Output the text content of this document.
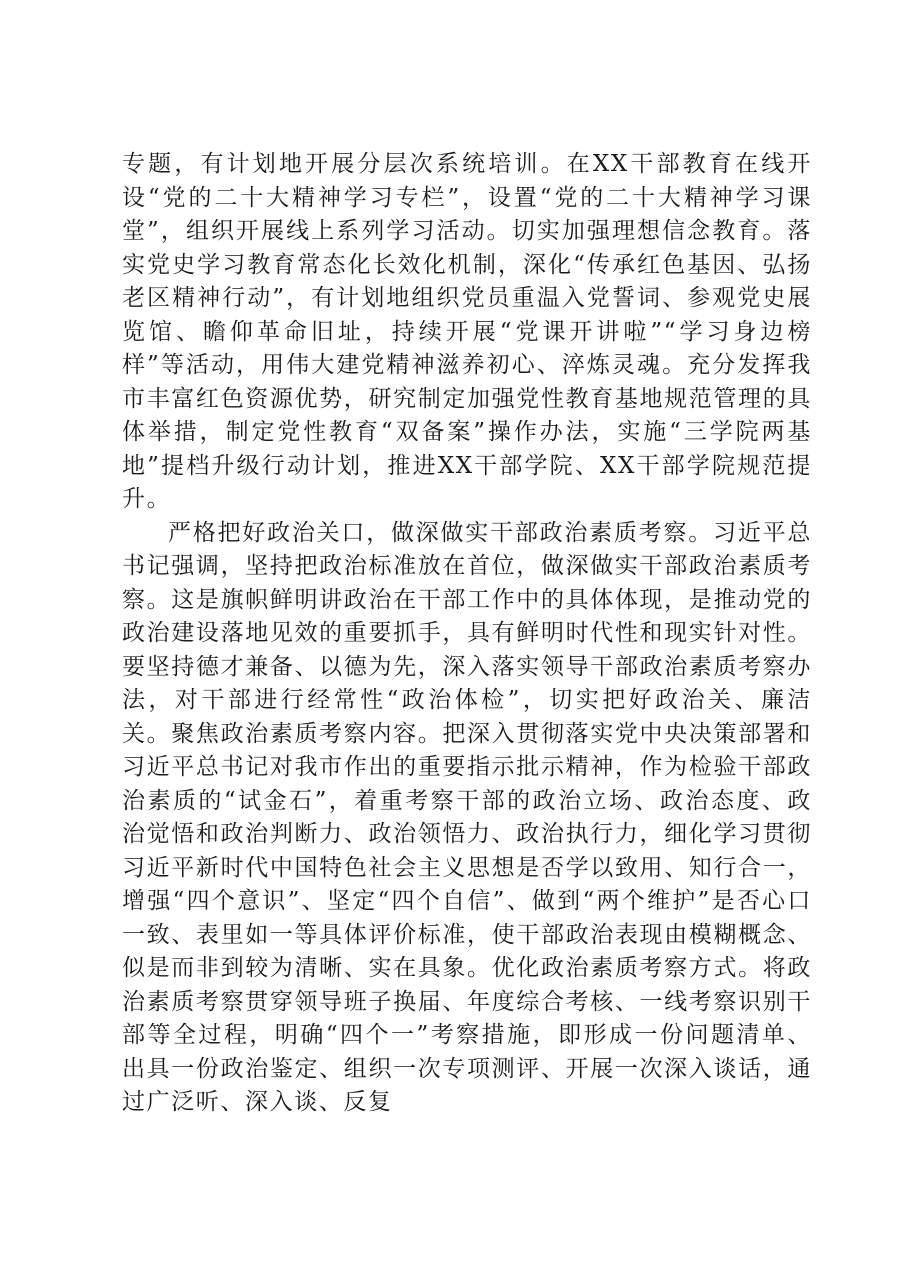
专题，有计划地开展分层次系统培训。在XX干部教育在线开设“党的二十大精神学习专栏”，设置“党的二十大精神学习课堂”，组织开展线上系列学习活动。切实加强理想信念教育。落实党史学习教育常态化长效化机制，深化“传承红色基因、弘扬老区精神行动”，有计划地组织党员重温入党誓词、参观党史展览馆、瞻仰革命旧址，持续开展“党课开讲啦”“学习身边榜样”等活动，用伟大建党精神滋养初心、淬炼灵魂。充分发挥我市丰富红色资源优势，研究制定加强党性教育基地规范管理的具体举措，制定党性教育“双备案”操作办法，实施“三学院两基地”提档升级行动计划，推进XX干部学院、XX干部学院规范提升。

严格把好政治关口，做深做实干部政治素质考察。习近平总书记强调，坚持把政治标准放在首位，做深做实干部政治素质考察。这是旗帜鲜明讲政治在干部工作中的具体体现，是推动党的政治建设落地见效的重要抓手，具有鲜明时代性和现实针对性。要坚持德才兼备、以德为先，深入落实领导干部政治素质考察办法，对干部进行经常性“政治体检”，切实把好政治关、廉洁关。聚焦政治素质考察内容。把深入贯彻落实党中央决策部署和习近平总书记对我市作出的重要指示批示精神，作为检验干部政治素质的“试金石”，着重考察干部的政治立场、政治态度、政治觉悟和政治判断力、政治领悟力、政治执行力，细化学习贯彻习近平新时代中国特色社会主义思想是否学以致用、知行合一，增强“四个意识”、坚定“四个自信”、做到“两个维护”是否心口一致、表里如一等具体评价标准，使干部政治表现由模糊概念、似是而非到较为清晰、实在具象。优化政治素质考察方式。将政治素质考察贯穿领导班子换届、年度综合考核、一线考察识别干部等全过程，明确“四个一”考察措施，即形成一份问题清单、出具一份政治鉴定、组织一次专项测评、开展一次深入谈话，通过广泛听、深入谈、反复
